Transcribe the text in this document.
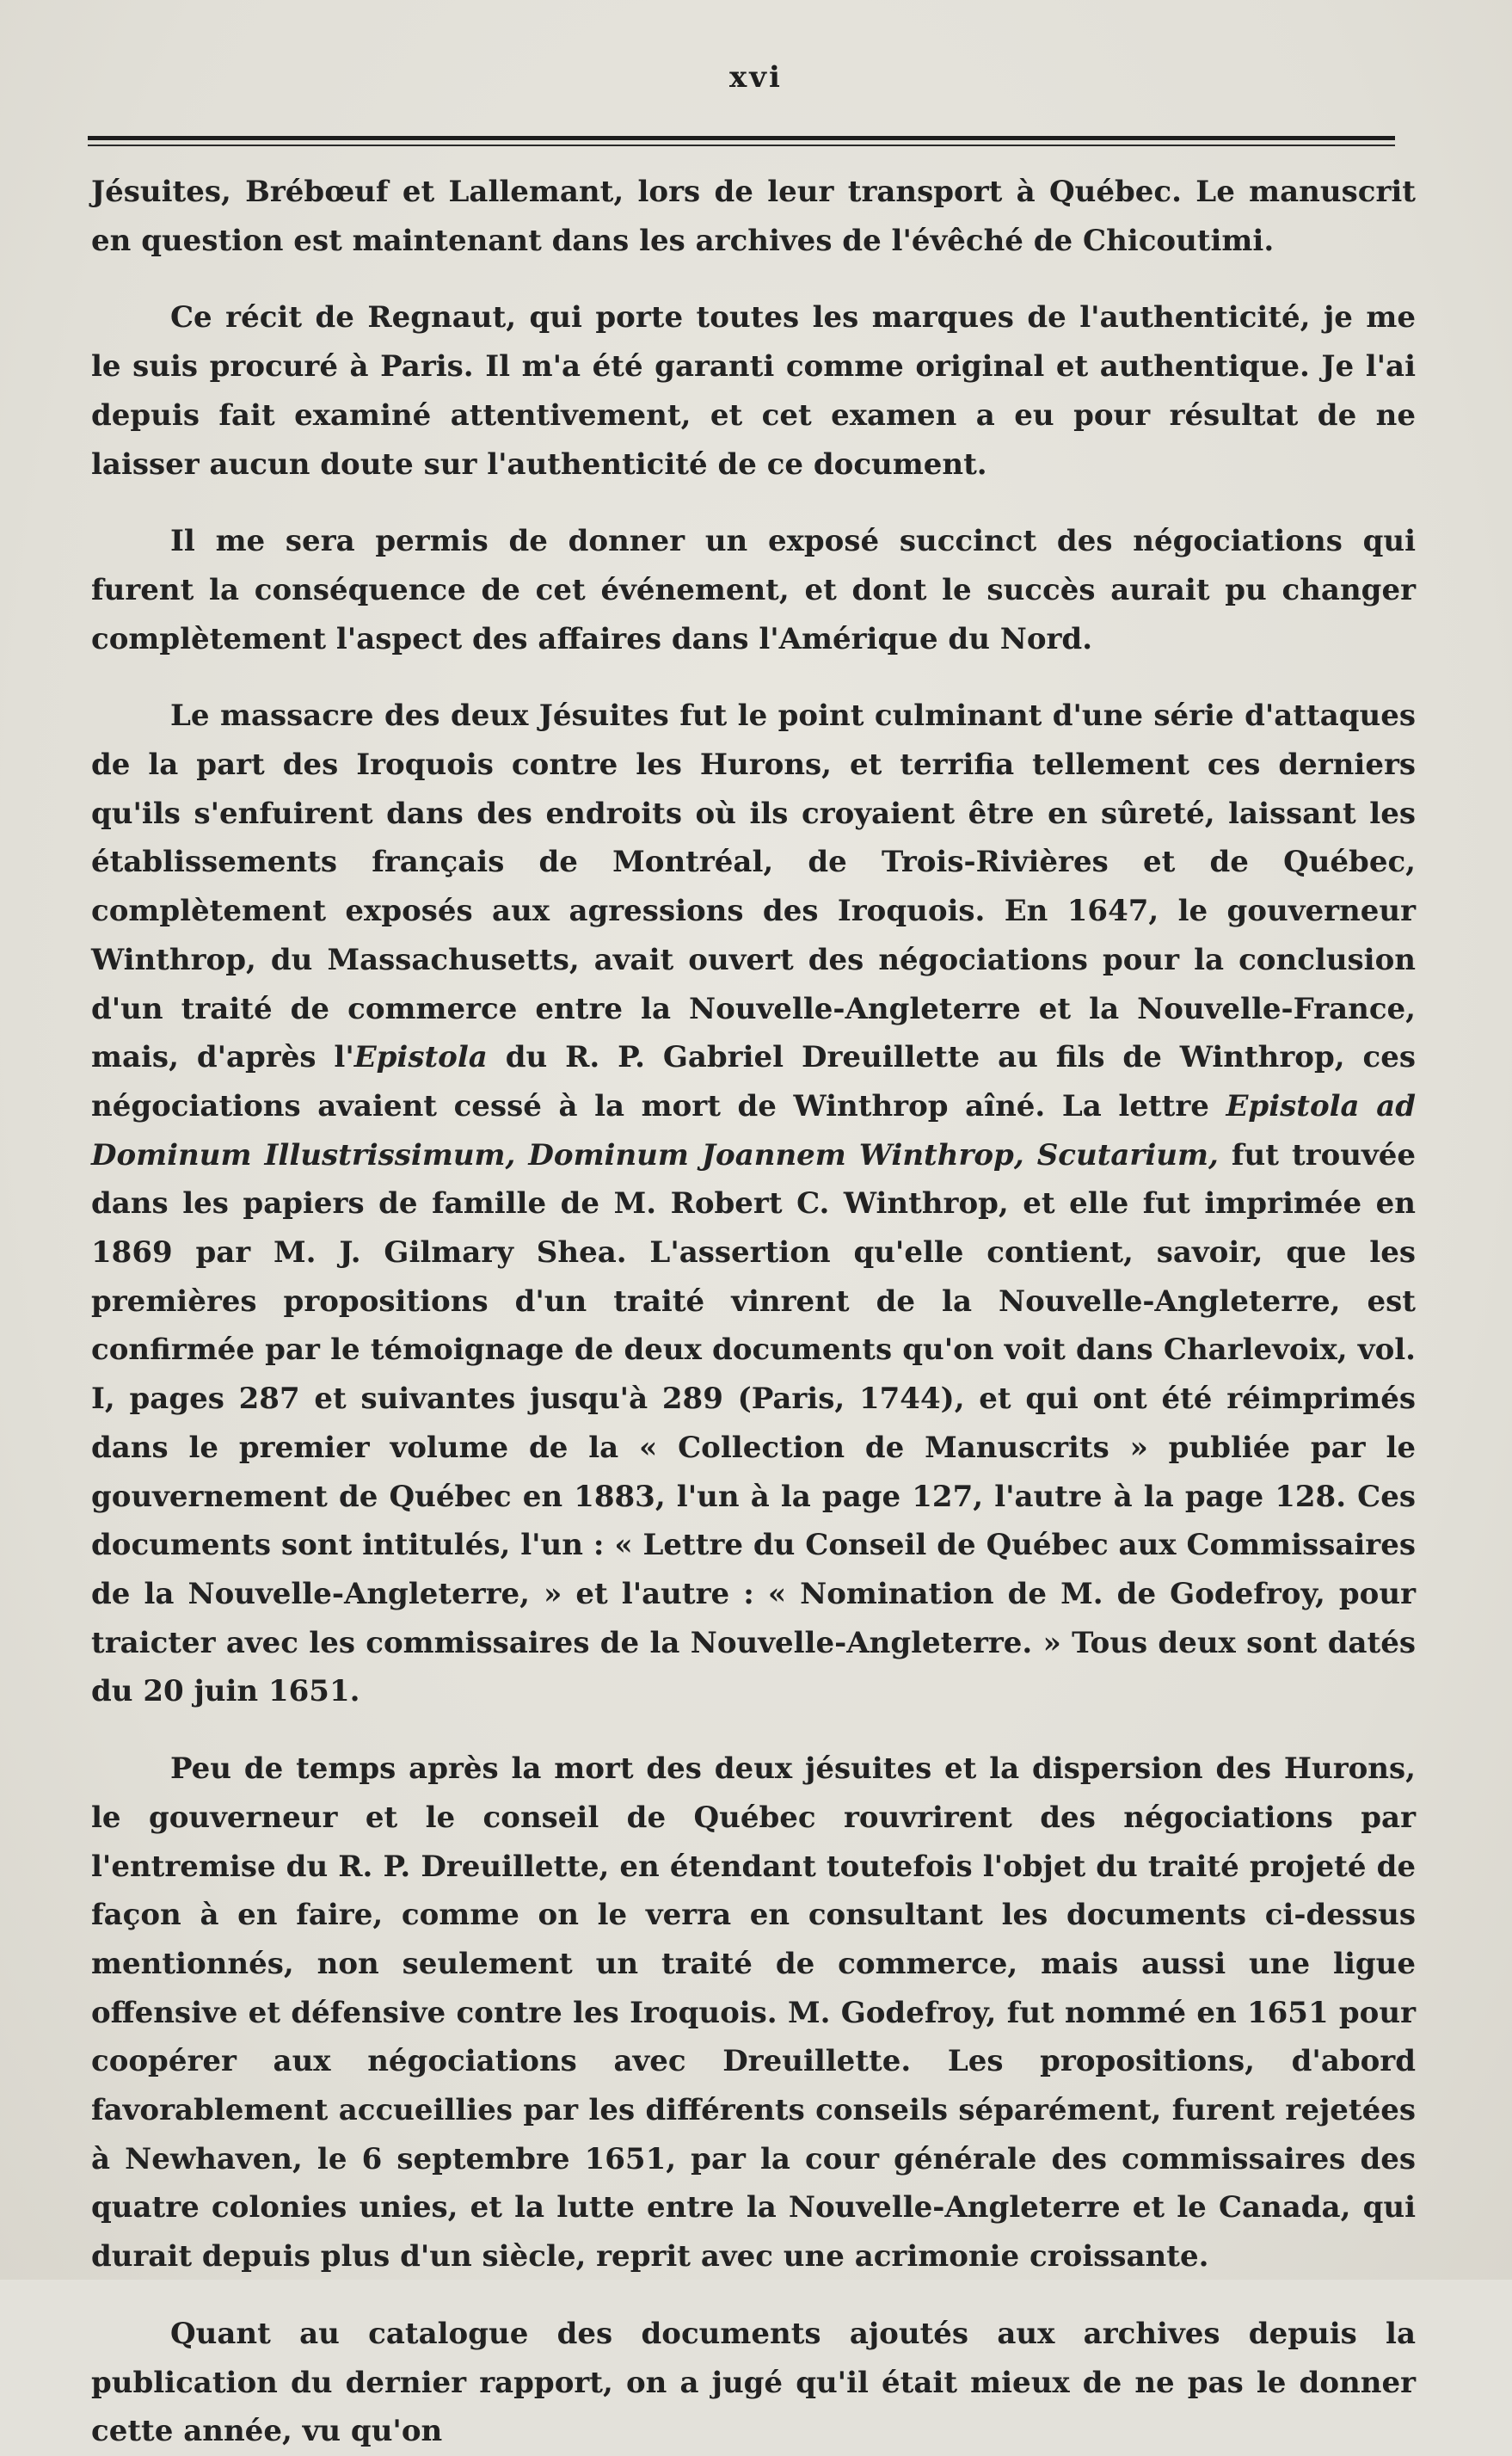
xvi

Jésuites, Brébœuf et Lallemant, lors de leur transport à Québec. Le manuscrit en question est maintenant dans les archives de l'évêché de Chicoutimi.

Ce récit de Regnaut, qui porte toutes les marques de l'authenticité, je me le suis procuré à Paris. Il m'a été garanti comme original et authentique. Je l'ai depuis fait examiné attentivement, et cet examen a eu pour résultat de ne laisser aucun doute sur l'authenticité de ce document.

Il me sera permis de donner un exposé succinct des négociations qui furent la conséquence de cet événement, et dont le succès aurait pu changer complètement l'aspect des affaires dans l'Amérique du Nord.

Le massacre des deux Jésuites fut le point culminant d'une série d'attaques de la part des Iroquois contre les Hurons, et terrifia tellement ces derniers qu'ils s'enfuirent dans des endroits où ils croyaient être en sûreté, laissant les établissements français de Montréal, de Trois-Rivières et de Québec, complètement exposés aux agressions des Iroquois. En 1647, le gouverneur Winthrop, du Massachusetts, avait ouvert des négociations pour la conclusion d'un traité de commerce entre la Nouvelle-Angleterre et la Nouvelle-France, mais, d'après l'Epistola du R. P. Gabriel Dreuillette au fils de Winthrop, ces négociations avaient cessé à la mort de Winthrop aîné. La lettre Epistola ad Dominum Illustrissimum, Dominum Joannem Winthrop, Scutarium, fut trouvée dans les papiers de famille de M. Robert C. Winthrop, et elle fut imprimée en 1869 par M. J. Gilmary Shea. L'assertion qu'elle contient, savoir, que les premières propositions d'un traité vinrent de la Nouvelle-Angleterre, est confirmée par le témoignage de deux documents qu'on voit dans Charlevoix, vol. I, pages 287 et suivantes jusqu'à 289 (Paris, 1744), et qui ont été réimprimés dans le premier volume de la « Collection de Manuscrits » publiée par le gouvernement de Québec en 1883, l'un à la page 127, l'autre à la page 128. Ces documents sont intitulés, l'un : « Lettre du Conseil de Québec aux Commissaires de la Nouvelle-Angleterre, » et l'autre : « Nomination de M. de Godefroy, pour traicter avec les commissaires de la Nouvelle-Angleterre. » Tous deux sont datés du 20 juin 1651.

Peu de temps après la mort des deux jésuites et la dispersion des Hurons, le gouverneur et le conseil de Québec rouvrirent des négociations par l'entremise du R. P. Dreuillette, en étendant toutefois l'objet du traité projeté de façon à en faire, comme on le verra en consultant les documents ci-dessus mentionnés, non seulement un traité de commerce, mais aussi une ligue offensive et défensive contre les Iroquois. M. Godefroy, fut nommé en 1651 pour coopérer aux négociations avec Dreuillette. Les propositions, d'abord favorablement accueillies par les différents conseils séparément, furent rejetées à Newhaven, le 6 septembre 1651, par la cour générale des commissaires des quatre colonies unies, et la lutte entre la Nouvelle-Angleterre et le Canada, qui durait depuis plus d'un siècle, reprit avec une acrimonie croissante.

Quant au catalogue des documents ajoutés aux archives depuis la publication du dernier rapport, on a jugé qu'il était mieux de ne pas le donner cette année, vu qu'on
